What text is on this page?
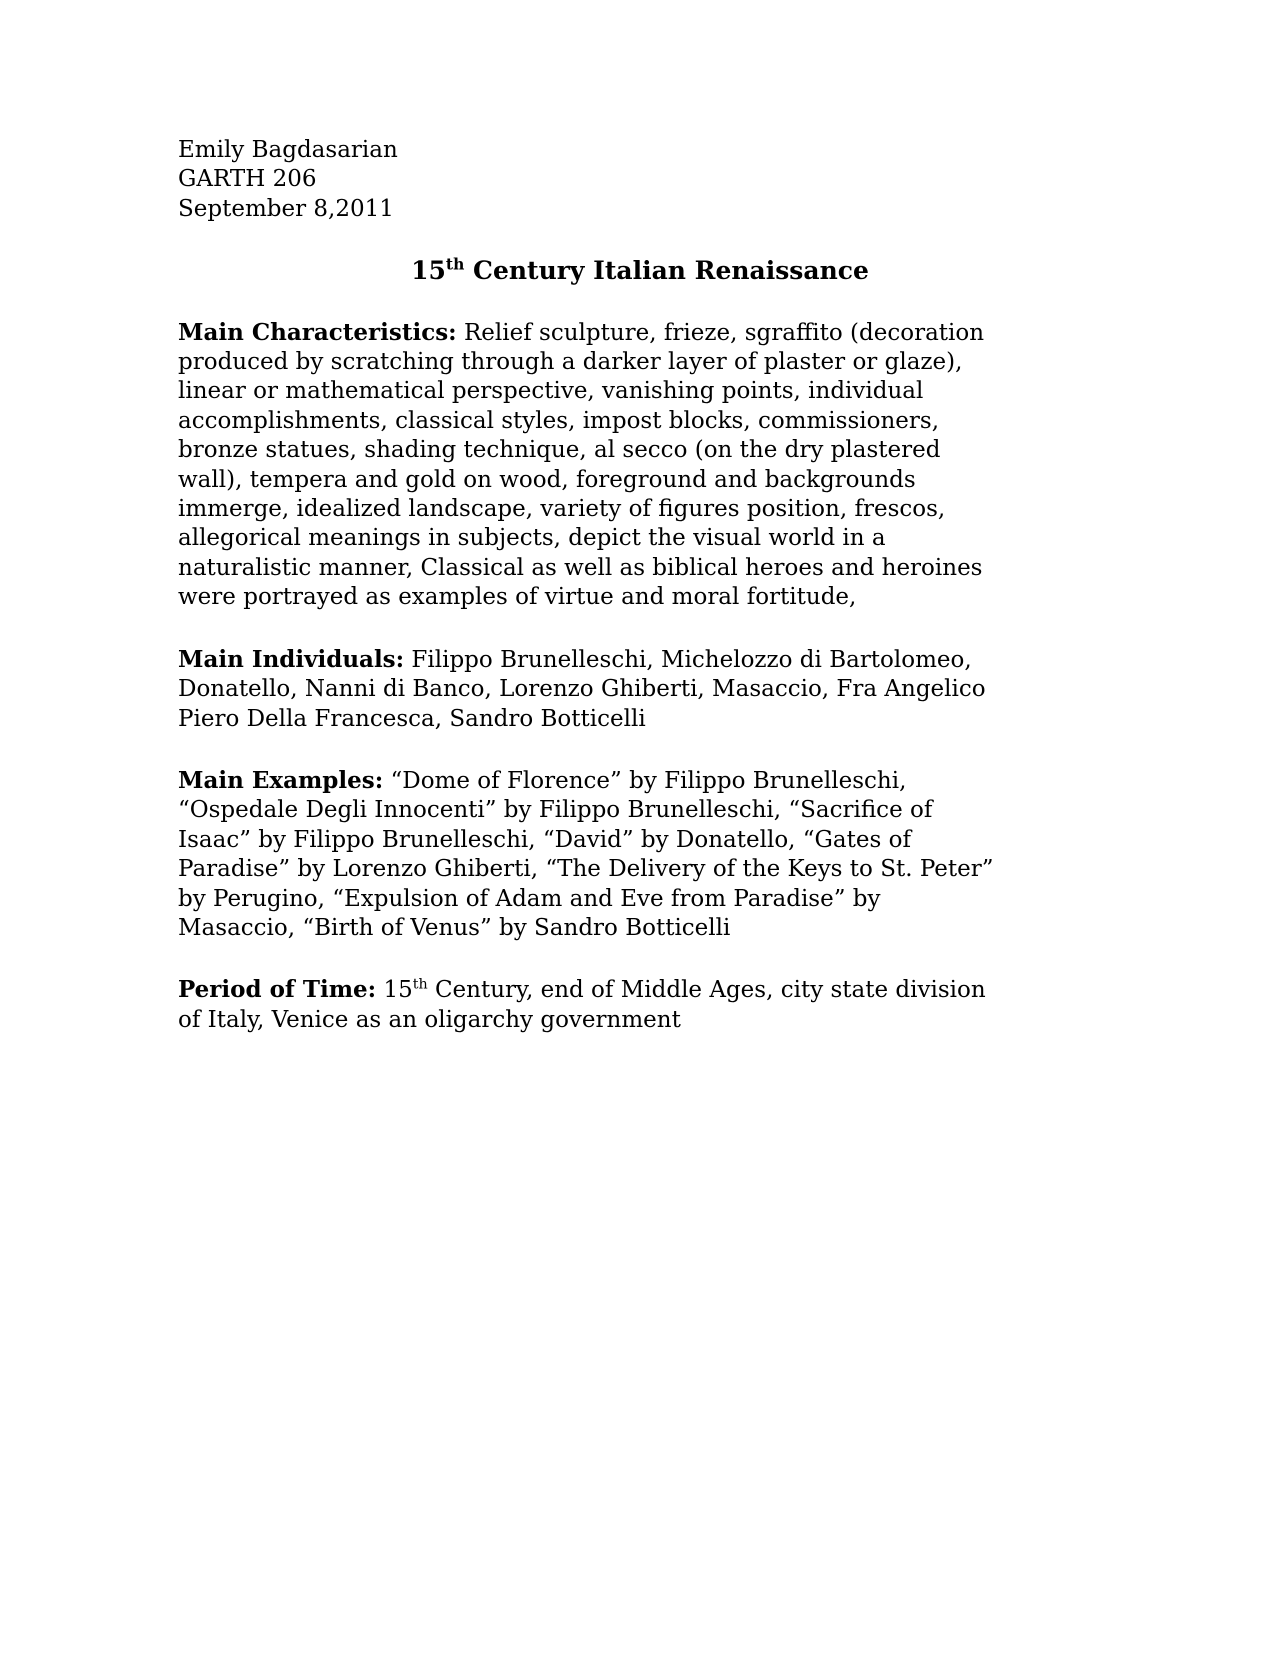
Emily Bagdasarian
GARTH 206
September 8,2011
15th Century Italian Renaissance
Main Characteristics: Relief sculpture, frieze, sgraffito (decoration
produced by scratching through a darker layer of plaster or glaze),
linear or mathematical perspective, vanishing points, individual
accomplishments, classical styles, impost blocks, commissioners,
bronze statues, shading technique, al secco (on the dry plastered
wall), tempera and gold on wood, foreground and backgrounds
immerge, idealized landscape, variety of figures position, frescos,
allegorical meanings in subjects, depict the visual world in a
naturalistic manner, Classical as well as biblical heroes and heroines
were portrayed as examples of virtue and moral fortitude,
Main Individuals: Filippo Brunelleschi, Michelozzo di Bartolomeo,
Donatello, Nanni di Banco, Lorenzo Ghiberti, Masaccio, Fra Angelico
Piero Della Francesca, Sandro Botticelli
Main Examples: “Dome of Florence” by Filippo Brunelleschi,
“Ospedale Degli Innocenti” by Filippo Brunelleschi, “Sacrifice of
Isaac” by Filippo Brunelleschi, “David” by Donatello, “Gates of
Paradise” by Lorenzo Ghiberti, “The Delivery of the Keys to St. Peter”
by Perugino, “Expulsion of Adam and Eve from Paradise” by
Masaccio, “Birth of Venus” by Sandro Botticelli
Period of Time: 15th Century, end of Middle Ages, city state division
of Italy, Venice as an oligarchy government
